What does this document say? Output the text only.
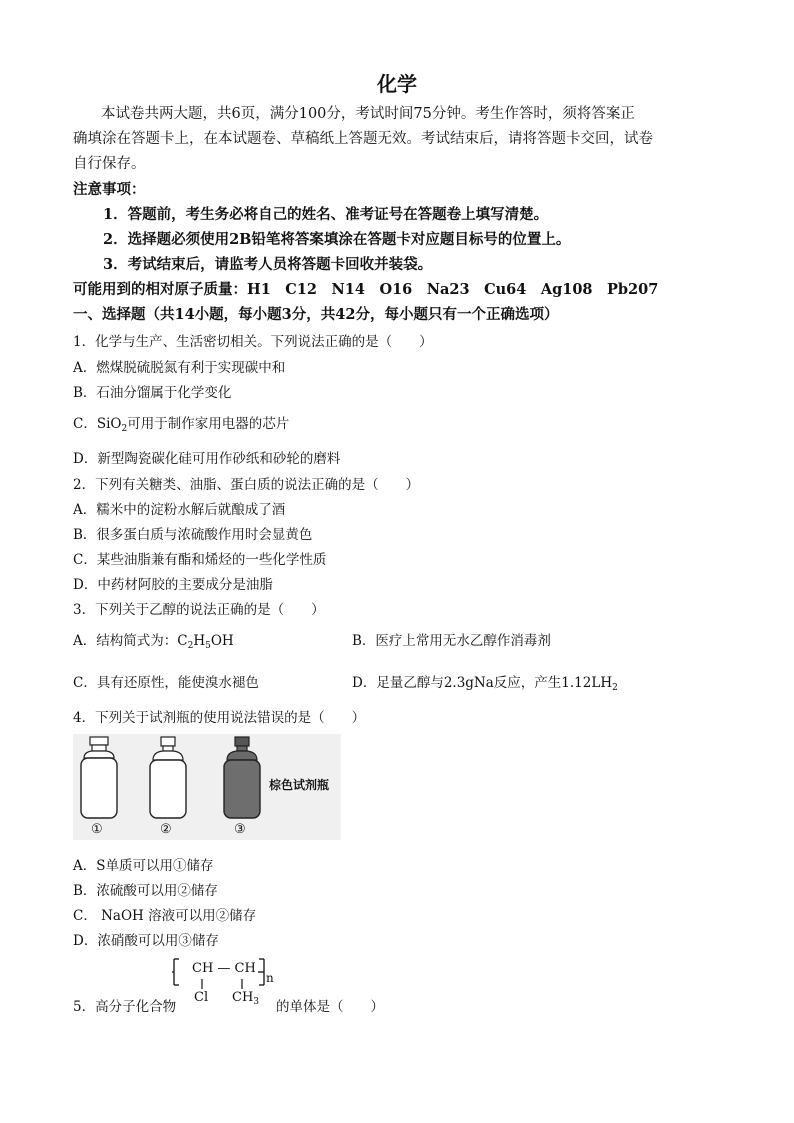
化学
本试卷共两大题，共6页，满分100分，考试时间75分钟。考生作答时，须将答案正
确填涂在答题卡上，在本试题卷、草稿纸上答题无效。考试结束后，请将答题卡交回，试卷
自行保存。
注意事项：
1．答题前，考生务必将自己的姓名、准考证号在答题卷上填写清楚。
2．选择题必须使用2B铅笔将答案填涂在答题卡对应题目标号的位置上。
3．考试结束后，请监考人员将答题卡回收并装袋。
可能用到的相对原子质量：H1　C12　N14　O16　Na23　Cu64　Ag108　Pb207
一、选择题（共14小题，每小题3分，共42分，每小题只有一个正确选项）
1．化学与生产、生活密切相关。下列说法正确的是（　　）
A．燃煤脱硫脱氮有利于实现碳中和
B．石油分馏属于化学变化
C．SiO$_2$可用于制作家用电器的芯片
D．新型陶瓷碳化硅可用作砂纸和砂轮的磨料
2．下列有关糖类、油脂、蛋白质的说法正确的是（　　）
A．糯米中的淀粉水解后就酿成了酒
B．很多蛋白质与浓硫酸作用时会显黄色
C．某些油脂兼有酯和烯烃的一些化学性质
D．中药材阿胶的主要成分是油脂
3．下列关于乙醇的说法正确的是（　　）
A．结构简式为：$C_2H_5OH$	B．医疗上常用无水乙醇作消毒剂
C．具有还原性，能使溴水褪色	D．足量乙醇与2.3gNa反应，产生$1.12LH_2$
4．下列关于试剂瓶的使用说法错误的是（　　）
①	②	③
棕色试剂瓶
A．S单质可以用①储存
B．浓硫酸可以用②储存
C． NaOH 溶液可以用②储存
D．浓硝酸可以用③储存
5．高分子化合物
CH — CH
n
Cl $CH_3$ 的单体是（　　）
